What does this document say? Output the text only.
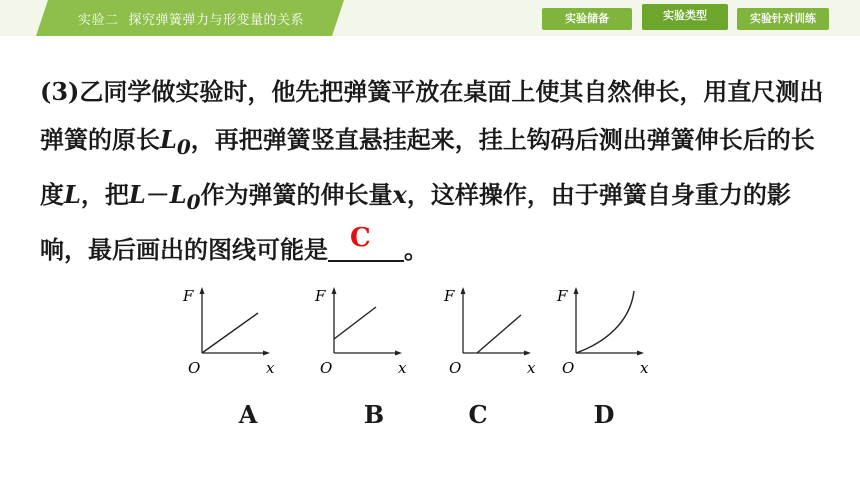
实验二 探究弹簧弹力与形变量的关系	实验储备	实验类型	实验针对训练
(3)乙同学做实验时，他先把弹簧平放在桌面上使其自然伸长，用直尺测出弹簧的原长$L_0$，再把弹簧竖直悬挂起来，挂上钩码后测出弹簧伸长后的长度L，把$L-L_0$作为弹簧的伸长量x，这样操作，由于弹簧自身重力的影响，最后画出的图线可能是 C 。
F
O	x
F
O	x
F
O	x
F
O	x
A	B	C	D
